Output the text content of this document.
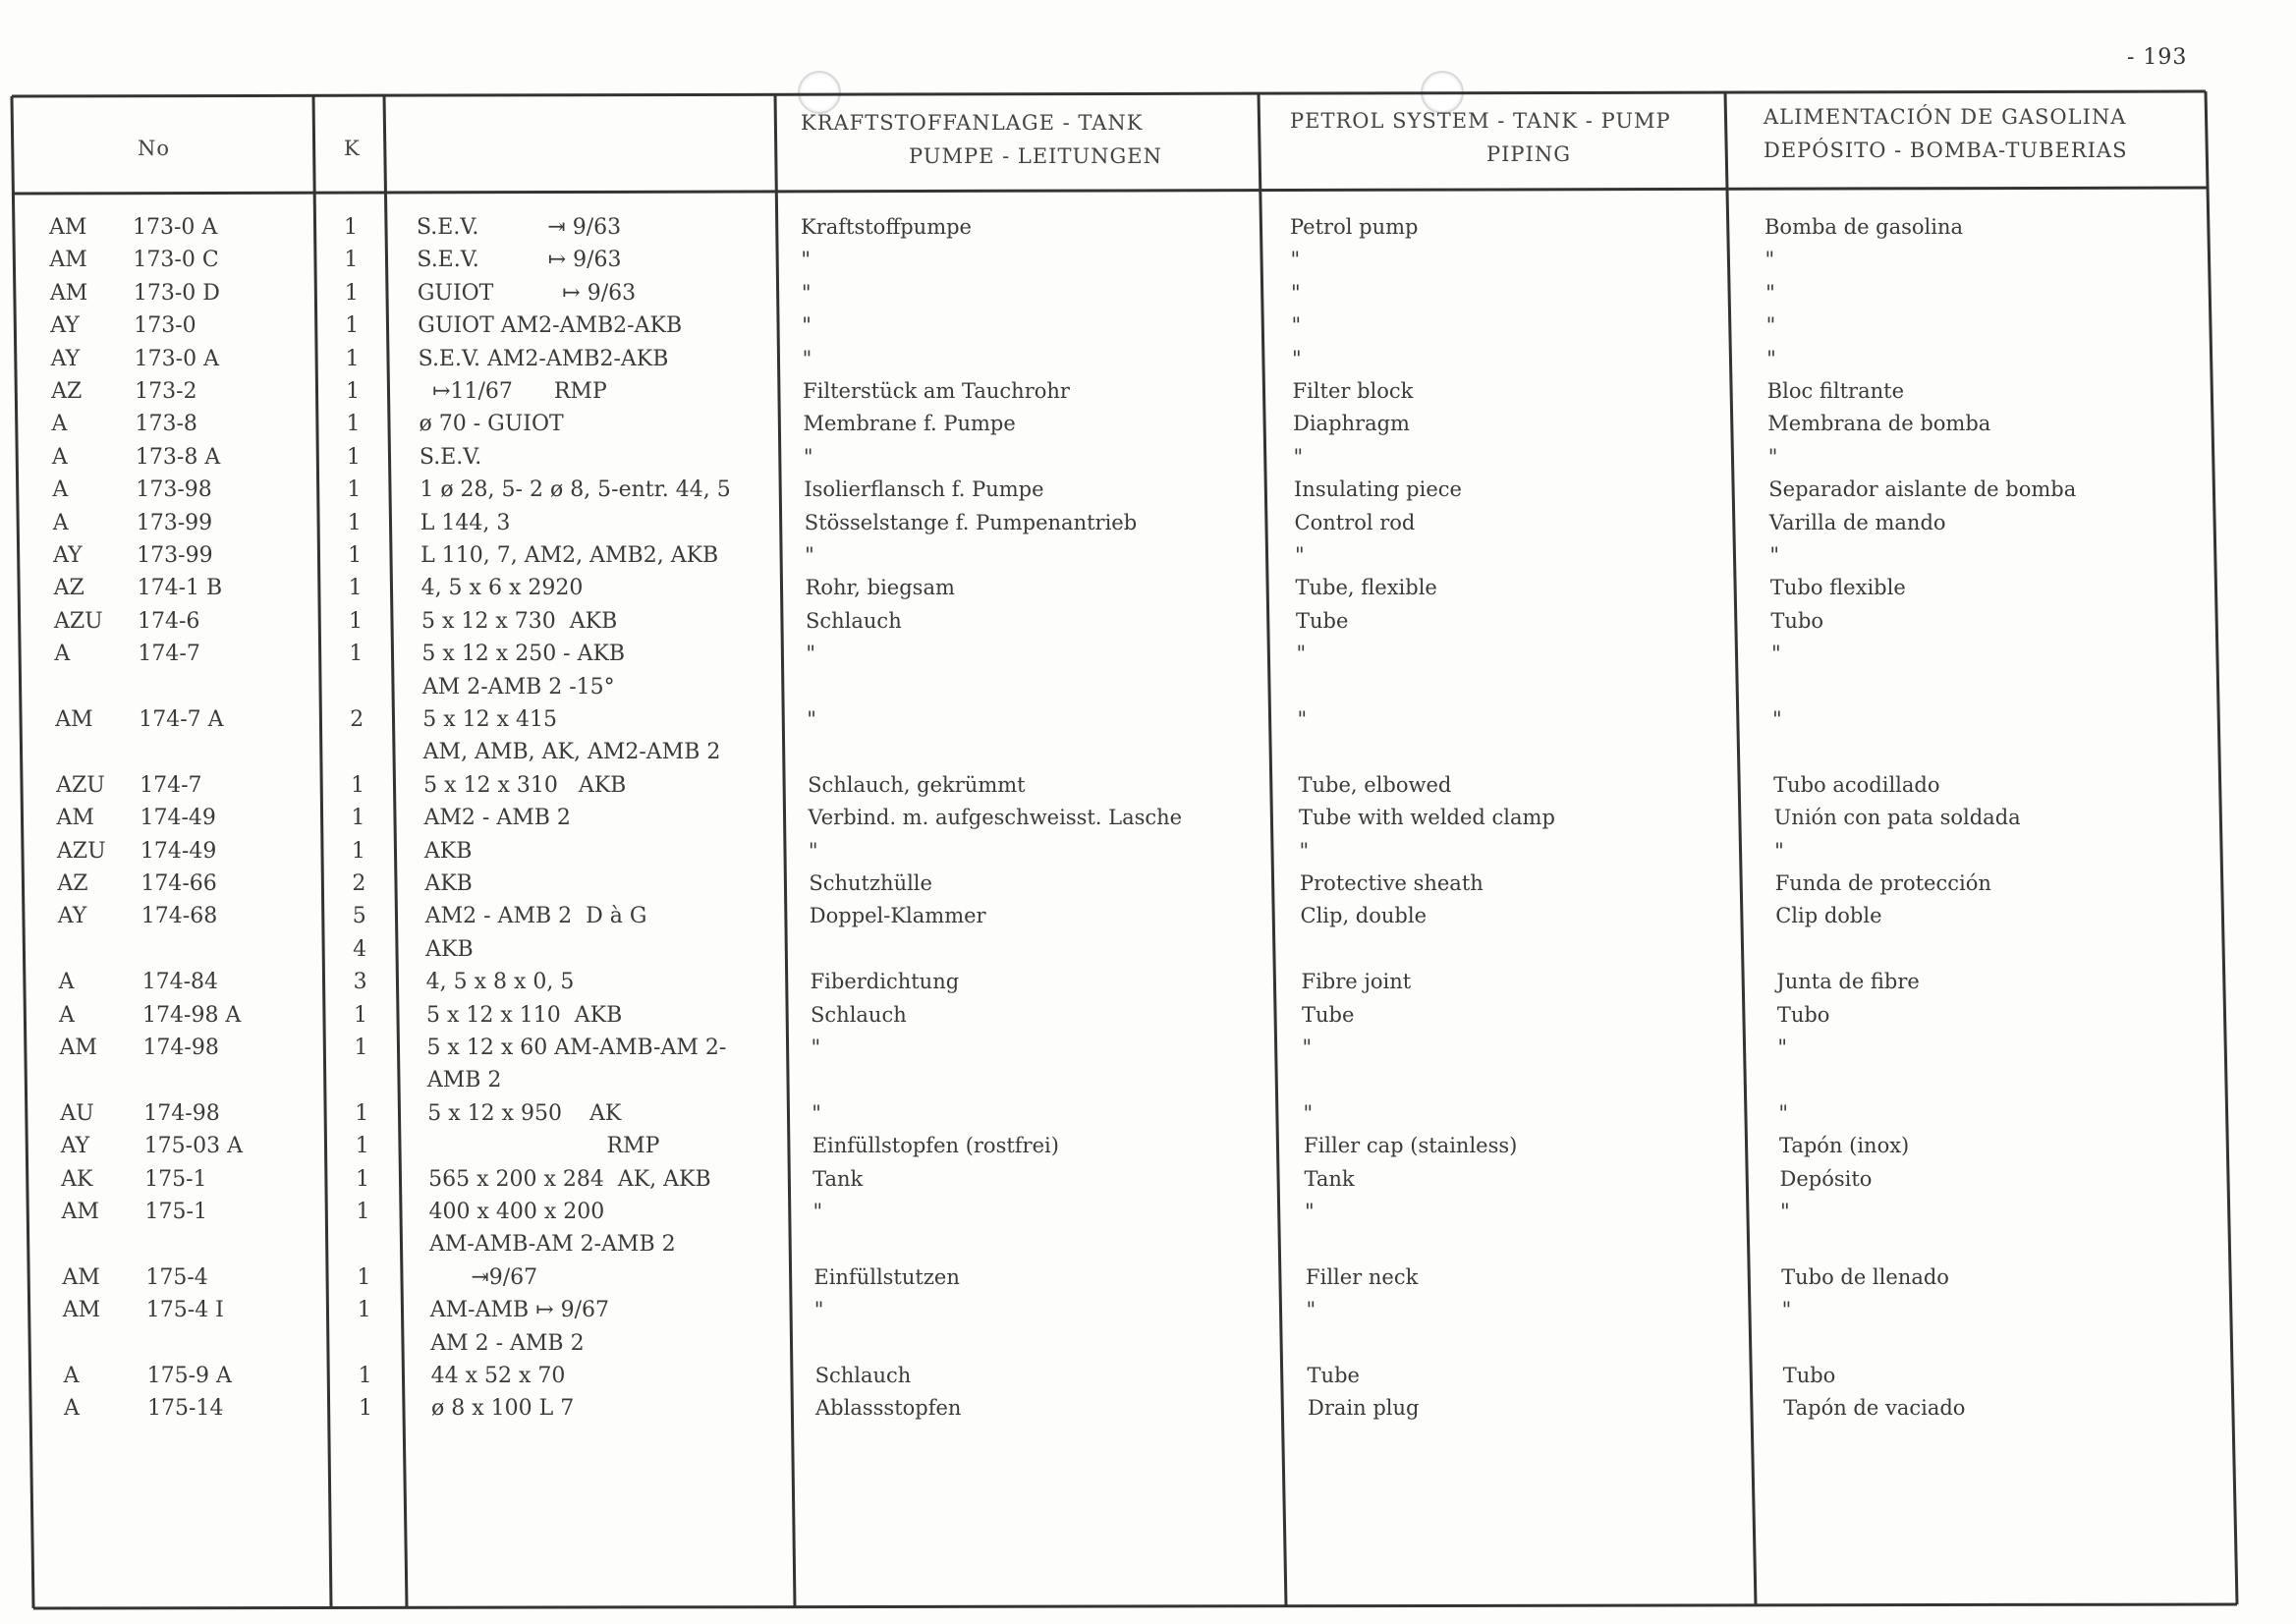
- 193
No	K
KRAFTSTOFFANLAGE - TANK
PUMPE - LEITUNGEN
PETROL SYSTEM - TANK - PUMP
PIPING
ALIMENTACIÓN DE GASOLINA
DEPÓSITO - BOMBA-TUBERIAS
AM 173-0 A	1	S.E.V.          ⇥ 9/63	Kraftstoffpumpe	Petrol pump	Bomba de gasolina
AM 173-0 C	1	S.E.V.          ↦ 9/63	"	"	"
AM 173-0 D	1	GUIOT          ↦ 9/63	"	"	"
AY	173-0	1	GUIOT AM2-AMB2-AKB	"	"	"
AY	173-0 A	1	S.E.V. AM2-AMB2-AKB	"	"	"
AZ 173-2	1	↦11/67      RMP	Filterstück am Tauchrohr	Filter block	Bloc filtrante
A	173-8	1	ø 70 - GUIOT	Membrane f. Pumpe	Diaphragm	Membrana de bomba
A	173-8 A	1	S.E.V.	"	"	"
A	173-98	1	1 ø 28, 5- 2 ø 8, 5-entr. 44, 5	Isolierflansch f. Pumpe	Insulating piece	Separador aislante de bomba
A	173-99	1	L 144, 3	Stösselstange f. Pumpenantrieb	Control rod	Varilla de mando
AY	173-99	1	L 110, 7, AM2, AMB2, AKB	"	"	"
AZ 174-1 B	1	4, 5 x 6 x 2920	Rohr, biegsam	Tube, flexible	Tubo flexible
AZU 174-6	1	5 x 12 x 730  AKB	Schlauch	Tube	Tubo
A	174-7	1	5 x 12 x 250 - AKB	"	"	"
AM 2-AMB 2 -15°
AM 174-7 A	2	5 x 12 x 415	"	"	"
AM, AMB, AK, AM2-AMB 2
AZU 174-7	1	5 x 12 x 310   AKB	Schlauch, gekrümmt	Tube, elbowed	Tubo acodillado
AM 174-49	1	AM2 - AMB 2	Verbind. m. aufgeschweisst. Lasche	Tube with welded clamp	Unión con pata soldada
AZU 174-49	1	AKB	"	"	"
AZ 174-66	2	AKB	Schutzhülle	Protective sheath	Funda de protección
AY	174-68	5	AM2 - AMB 2  D à G	Doppel-Klammer	Clip, double	Clip doble
4	AKB
A	174-84	3	4, 5 x 8 x 0, 5	Fiberdichtung	Fibre joint	Junta de fibre
A	174-98 A	1	5 x 12 x 110  AKB	Schlauch	Tube	Tubo
AM 174-98	1	5 x 12 x 60 AM-AMB-AM 2-	"	"	"
AMB 2
AU 174-98	1	5 x 12 x 950    AK	"	"	"
AY	175-03 A	1	RMP	Einfüllstopfen (rostfrei)	Filler cap (stainless)	Tapón (inox)
AK 175-1	1	565 x 200 x 284  AK, AKB	Tank	Tank	Depósito
AM 175-1	1	400 x 400 x 200	"	"	"
AM-AMB-AM 2-AMB 2
AM 175-4	1	⇥9/67	Einfüllstutzen	Filler neck	Tubo de llenado
AM 175-4 I	1	AM-AMB ↦ 9/67	"	"	"
AM 2 - AMB 2
A	175-9 A	1	44 x 52 x 70	Schlauch	Tube	Tubo
A	175-14	1	ø 8 x 100 L 7	Ablassstopfen	Drain plug	Tapón de vaciado
